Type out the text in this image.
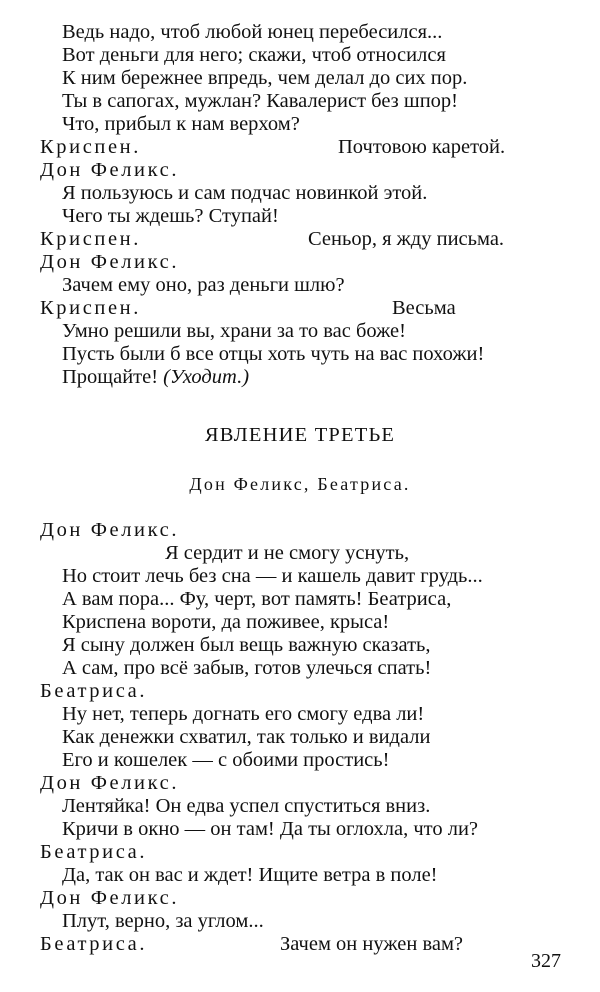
Ведь надо, чтоб любой юнец перебесился...
Вот деньги для него; скажи, чтоб относился
К ним бережнее впредь, чем делал до сих пор.
Ты в сапогах, мужлан? Кавалерист без шпор!
Что, прибыл к нам верхом?
Криспен.	Почтовою каретой.
Дон Феликс.
Я пользуюсь и сам подчас новинкой этой.
Чего ты ждешь? Ступай!
Криспен.	Сеньор, я жду письма.
Дон Феликс.
Зачем ему оно, раз деньги шлю?
Криспен.	Весьма
Умно решили вы, храни за то вас боже!
Пусть были б все отцы хоть чуть на вас похожи!
Прощайте! (Уходит.)
ЯВЛЕНИЕ ТРЕТЬЕ
Дон Феликс, Беатриса.
Дон Феликс.
Я сердит и не смогу уснуть,
Но стоит лечь без сна — и кашель давит грудь...
А вам пора... Фу, черт, вот память! Беатриса,
Криспена вороти, да поживее, крыса!
Я сыну должен был вещь важную сказать,
А сам, про всё забыв, готов улечься спать!
Беатриса.
Ну нет, теперь догнать его смогу едва ли!
Как денежки схватил, так только и видали
Его и кошелек — с обоими простись!
Дон Феликс.
Лентяйка! Он едва успел спуститься вниз.
Кричи в окно — он там! Да ты оглохла, что ли?
Беатриса.
Да, так он вас и ждет! Ищите ветра в поле!
Дон Феликс.
Плут, верно, за углом...
Беатриса.	Зачем он нужен вам?
327
